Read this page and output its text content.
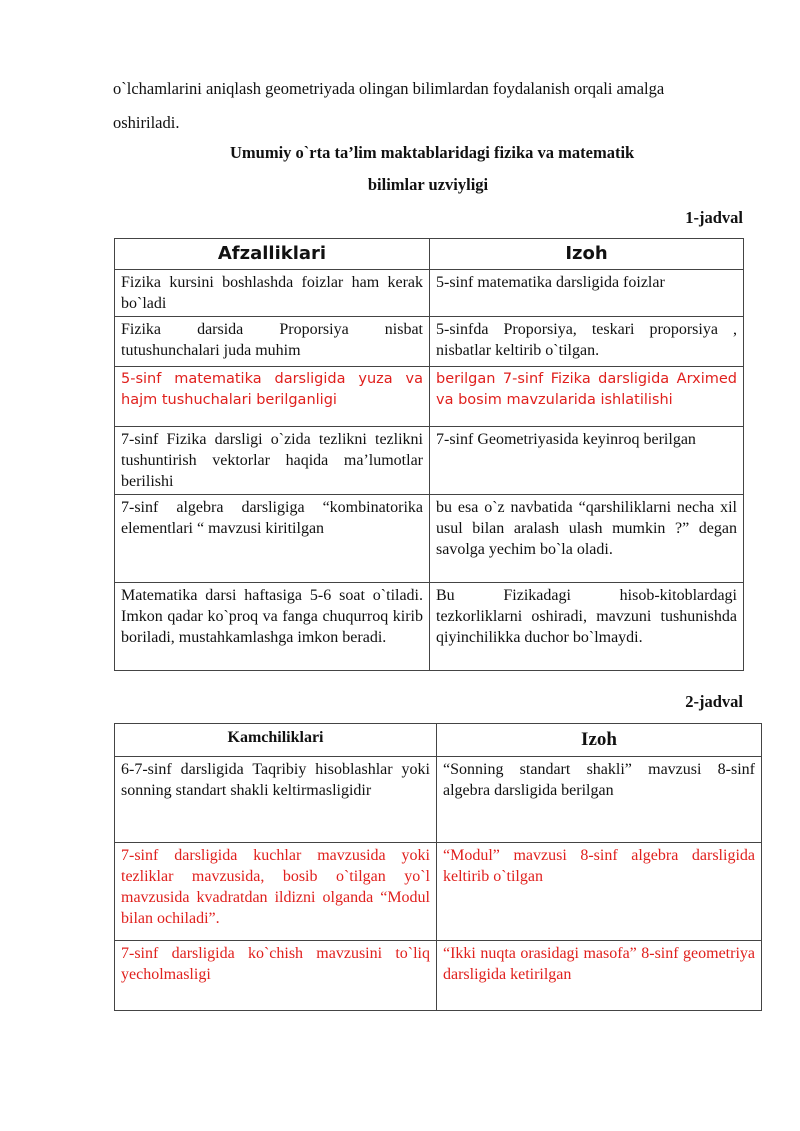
o`lchamlarini aniqlash geometriyada olingan bilimlardan foydalanish orqali amalga
oshiriladi.
Umumiy o`rta ta’lim maktablaridagi fizika va matematik
bilimlar uzviyligi
1-jadval
Afzalliklari	Izoh
Fizika kursini boshlashda foizlar ham kerak bo`ladi	5-sinf matematika darsligida foizlar
Fizika darsida Proporsiya nisbat tutushunchalari juda muhim	5-sinfda Proporsiya, teskari proporsiya , nisbatlar keltirib o`tilgan.
5-sinf matematika darsligida yuza va hajm tushuchalari berilganligi	berilgan 7-sinf Fizika darsligida Arximed va bosim mavzularida ishlatilishi
7-sinf Fizika darsligi o`zida tezlikni tezlikni tushuntirish vektorlar haqida ma’lumotlar berilishi	7-sinf Geometriyasida keyinroq berilgan
7-sinf algebra darsligiga “kombinatorika elementlari “ mavzusi kiritilgan	bu esa o`z navbatida “qarshiliklarni necha xil usul bilan aralash ulash mumkin ?” degan savolga yechim bo`la oladi.
Matematika darsi haftasiga 5-6 soat o`tiladi. Imkon qadar ko`proq va fanga chuqurroq kirib boriladi, mustahkamlashga imkon beradi.	Bu Fizikadagi hisob-kitoblardagi tezkorliklarni oshiradi, mavzuni tushunishda qiyinchilikka duchor bo`lmaydi.
2-jadval
Kamchiliklari	Izoh
6-7-sinf darsligida Taqribiy hisoblashlar yoki sonning standart shakli keltirmasligidir	“Sonning standart shakli” mavzusi 8-sinf algebra darsligida berilgan
7-sinf darsligida kuchlar mavzusida yoki tezliklar mavzusida, bosib o`tilgan yo`l mavzusida kvadratdan ildizni olganda “Modul bilan ochiladi”.	“Modul” mavzusi 8-sinf algebra darsligida keltirib o`tilgan
7-sinf darsligida ko`chish mavzusini to`liq yecholmasligi	“Ikki nuqta orasidagi masofa” 8-sinf geometriya darsligida ketirilgan
